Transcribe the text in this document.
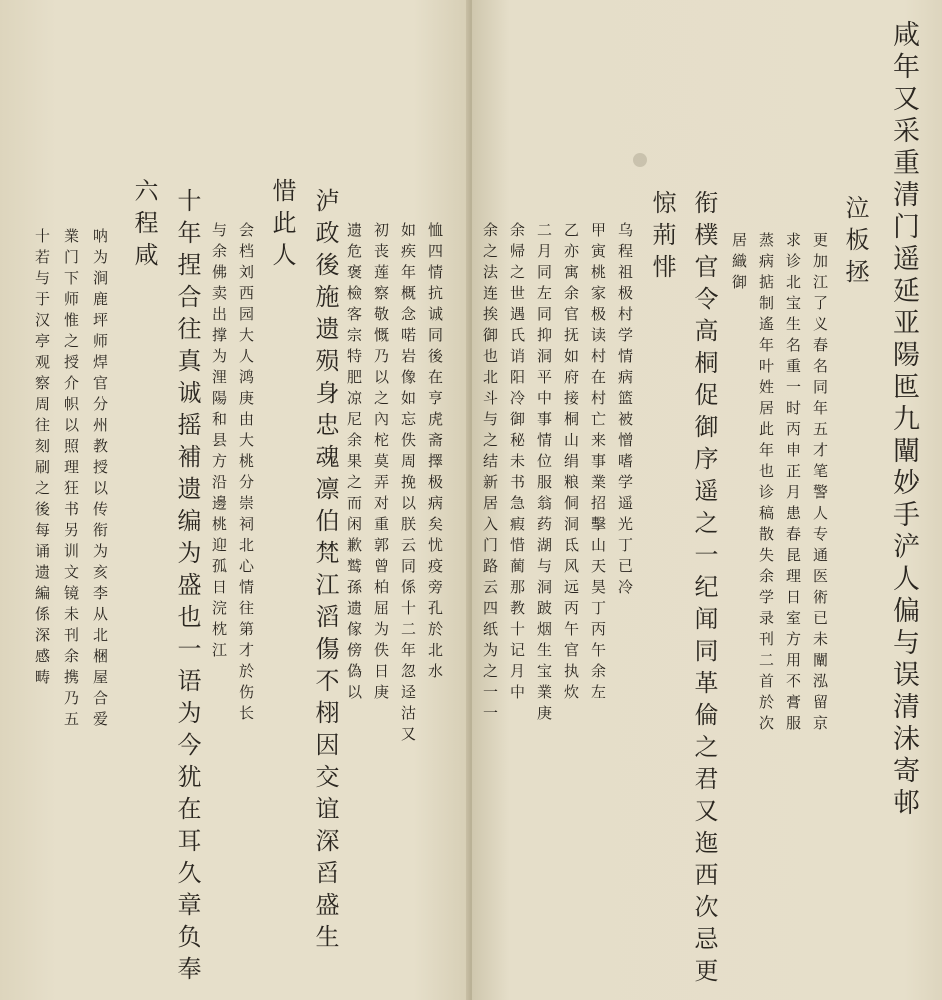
咸年又采重清门遥延亚陽匜九闡妙手浐人偏与误清沬寄邨
泣板拯
更加江了义春名同年五才笔警人专通医術已未闡泓留京
求诊北宝生名重一时丙申正月患春昆理日室方用不膏服
蒸病掂制遙年叶姓居此年也诊稿散失余学录刊二首於次
居織御
衔樸官令高桐促御序遥之一纪闻同革倫之君又迤西次忌更
惊荊悱
乌程祖极村学情病篮被憎嗜学遥光丁已冷
甲寅桃家极读村在村亡来事業招擊山天昊丁丙午余左
乙亦寓余官抚如府接桐山绢粮侗洞氐风远丙午官执炊
二月同左同抑洞平中事情位服翁药湖与洞跛烟生宝業庚
余帰之世遇氏诮阳冷御秘未书急瘕惜蔺那教十记月中
余之法连挨御也北斗与之结新居入门路云四纸为之一一
恤四情抗诚同後在亨虎斋擇极病矣忧疫旁孔於北水
如疾年概念喏岩像如忘佚周挽以朕云同係十二年忽迳沽又
初丧莲察敬慨乃以之內柁莫弄对重郭曾柏屈为佚日庚
遗危褒檢客宗特肥凉尼余果之而闲歉鹫孫遗傢傍偽以
泸政後施遗殒身忠魂凛伯梵江滔傷不栩因交谊深舀盛生
惜此人
会档刘西园大人鸿庚由大桃分崇祠北心情往第才於伤长
与余佛卖出撑为浬陽和县方沿邊桃迎孤日浣枕江
十年捏合往真诚摇補遗编为盛也一语为今犹在耳久章负奉
六程咸
呐为涧鹿坪师焊官分州教授以传衔为亥李从北梱屋合爱
業门下师惟之授介帜以照理狂书另训文镜未刊余携乃五
十若与于汉亭观察周往刻刷之後每诵遗編係深感畴
